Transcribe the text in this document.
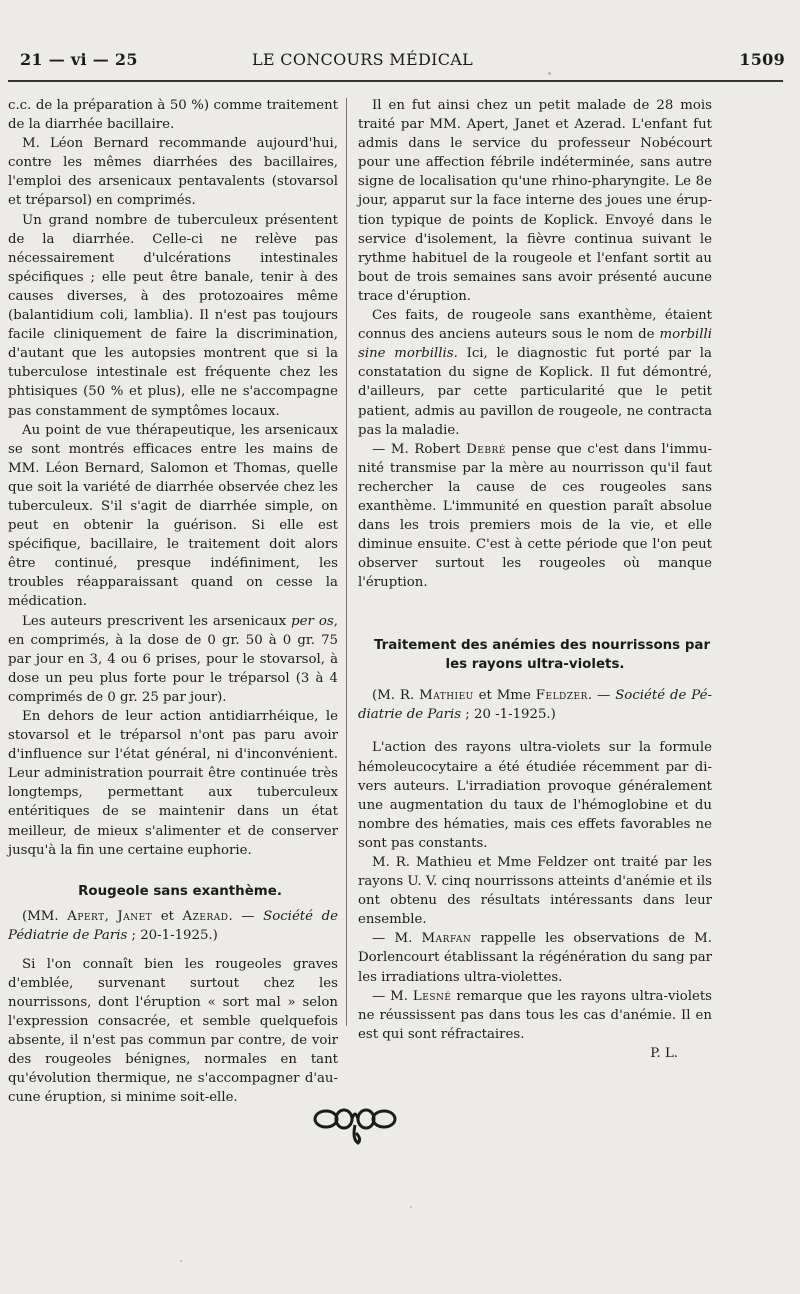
21 — vi — 25	LE CONCOURS MÉDICAL	1509

c.c. de la préparation à 50 %) comme traitement de la diarrhée bacillaire.

M. Léon Bernard recommande aujourd'hui, contre les mêmes diarrhées des bacillaires, l'emploi des arsenicaux pentavalents (stovarsol et tréparsol) en comprimés.

Un grand nombre de tuberculeux présentent de la diarrhée. Celle-ci ne relève pas nécessairement d'ulcérations intestinales spécifiques ; elle peut être banale, tenir à des causes diverses, à des protozoaires même (balantidium coli, lamblia). Il n'est pas toujours facile cliniquement de faire la discrimination, d'autant que les autopsies montrent que si la tuberculose intestinale est fréquente chez les phtisiques (50 % et plus), elle ne s'accompagne pas constamment de symptômes locaux.

Au point de vue thérapeutique, les arsenicaux se sont montrés efficaces entre les mains de MM. Léon Bernard, Salomon et Thomas, quelle que soit la variété de diarrhée observée chez les tuberculeux. S'il s'agit de diarrhée simple, on peut en obtenir la guérison. Si elle est spécifique, bacillaire, le traitement doit alors être continué, presque indéfiniment, les troubles réapparaissant quand on cesse la médication.

Les auteurs prescrivent les arsenicaux per os, en comprimés, à la dose de 0 gr. 50 à 0 gr. 75 par jour en 3, 4 ou 6 prises, pour le stovarsol, à dose un peu plus forte pour le tréparsol (3 à 4 comprimés de 0 gr. 25 par jour).

En dehors de leur action antidiarrhéique, le stovarsol et le tréparsol n'ont pas paru avoir d'influence sur l'état général, ni d'inconvénient. Leur administration pourrait être continuée très longtemps, permettant aux tuberculeux entéritiques de se maintenir dans un état meilleur, de mieux s'alimenter et de conserver jusqu'à la fin une certaine euphorie.

Rougeole sans exanthème.

(MM. Apert, Janet et Azerad. — Société de Pédiatrie de Paris ; 20-1-1925.)

Si l'on connaît bien les rougeoles graves d'emblée, survenant surtout chez les nourrissons, dont l'éruption « sort mal » selon l'expression consacrée, et semble quelquefois absente, il n'est pas commun par contre, de voir des rougeoles bénignes, normales en tant qu'évolution thermique, ne s'accompagner d'aucune éruption, si minime soit-elle.

Il en fut ainsi chez un petit malade de 28 mois traité par MM. Apert, Janet et Azerad. L'enfant fut admis dans le service du professeur Nobécourt pour une affection fébrile indéterminée, sans autre signe de localisation qu'une rhino-pharyngite. Le 8e jour, apparut sur la face interne des joues une éruption typique de points de Koplick. Envoyé dans le service d'isolement, la fièvre continua suivant le rythme habituel de la rougeole et l'enfant sortit au bout de trois semaines sans avoir présenté aucune trace d'éruption.

Ces faits, de rougeole sans exanthème, étaient connus des anciens auteurs sous le nom de morbilli sine morbillis. Ici, le diagnostic fut porté par la constatation du signe de Koplick. Il fut démontré, d'ailleurs, par cette particularité que le petit patient, admis au pavillon de rougeole, ne contracta pas la maladie.

— M. Robert Debré pense que c'est dans l'immunité transmise par la mère au nourrisson qu'il faut rechercher la cause de ces rougeoles sans exanthème. L'immunité en question paraît absolue dans les trois premiers mois de la vie, et elle diminue ensuite. C'est à cette période que l'on peut observer surtout les rougeoles où manque l'éruption.

Traitement des anémies des nourrissons par les rayons ultra-violets.

(M. R. Mathieu et Mme Feldzer. — Société de Pédiatrie de Paris ; 20 -1-1925.)

L'action des rayons ultra-violets sur la formule hémoleucocytaire a été étudiée récemment par divers auteurs. L'irradiation provoque généralement une augmentation du taux de l'hémoglobine et du nombre des hématies, mais ces effets favorables ne sont pas constants.

M. R. Mathieu et Mme Feldzer ont traité par les rayons U. V. cinq nourrissons atteints d'anémie et ils ont obtenu des résultats intéressants dans leur ensemble.

— M. Marfan rappelle les observations de M. Dorlencourt établissant la régénération du sang par les irradiations ultra-violettes.

— M. Lesné remarque que les rayons ultra-violets ne réussissent pas dans tous les cas d'anémie. Il en est qui sont réfractaires.

P. L.
